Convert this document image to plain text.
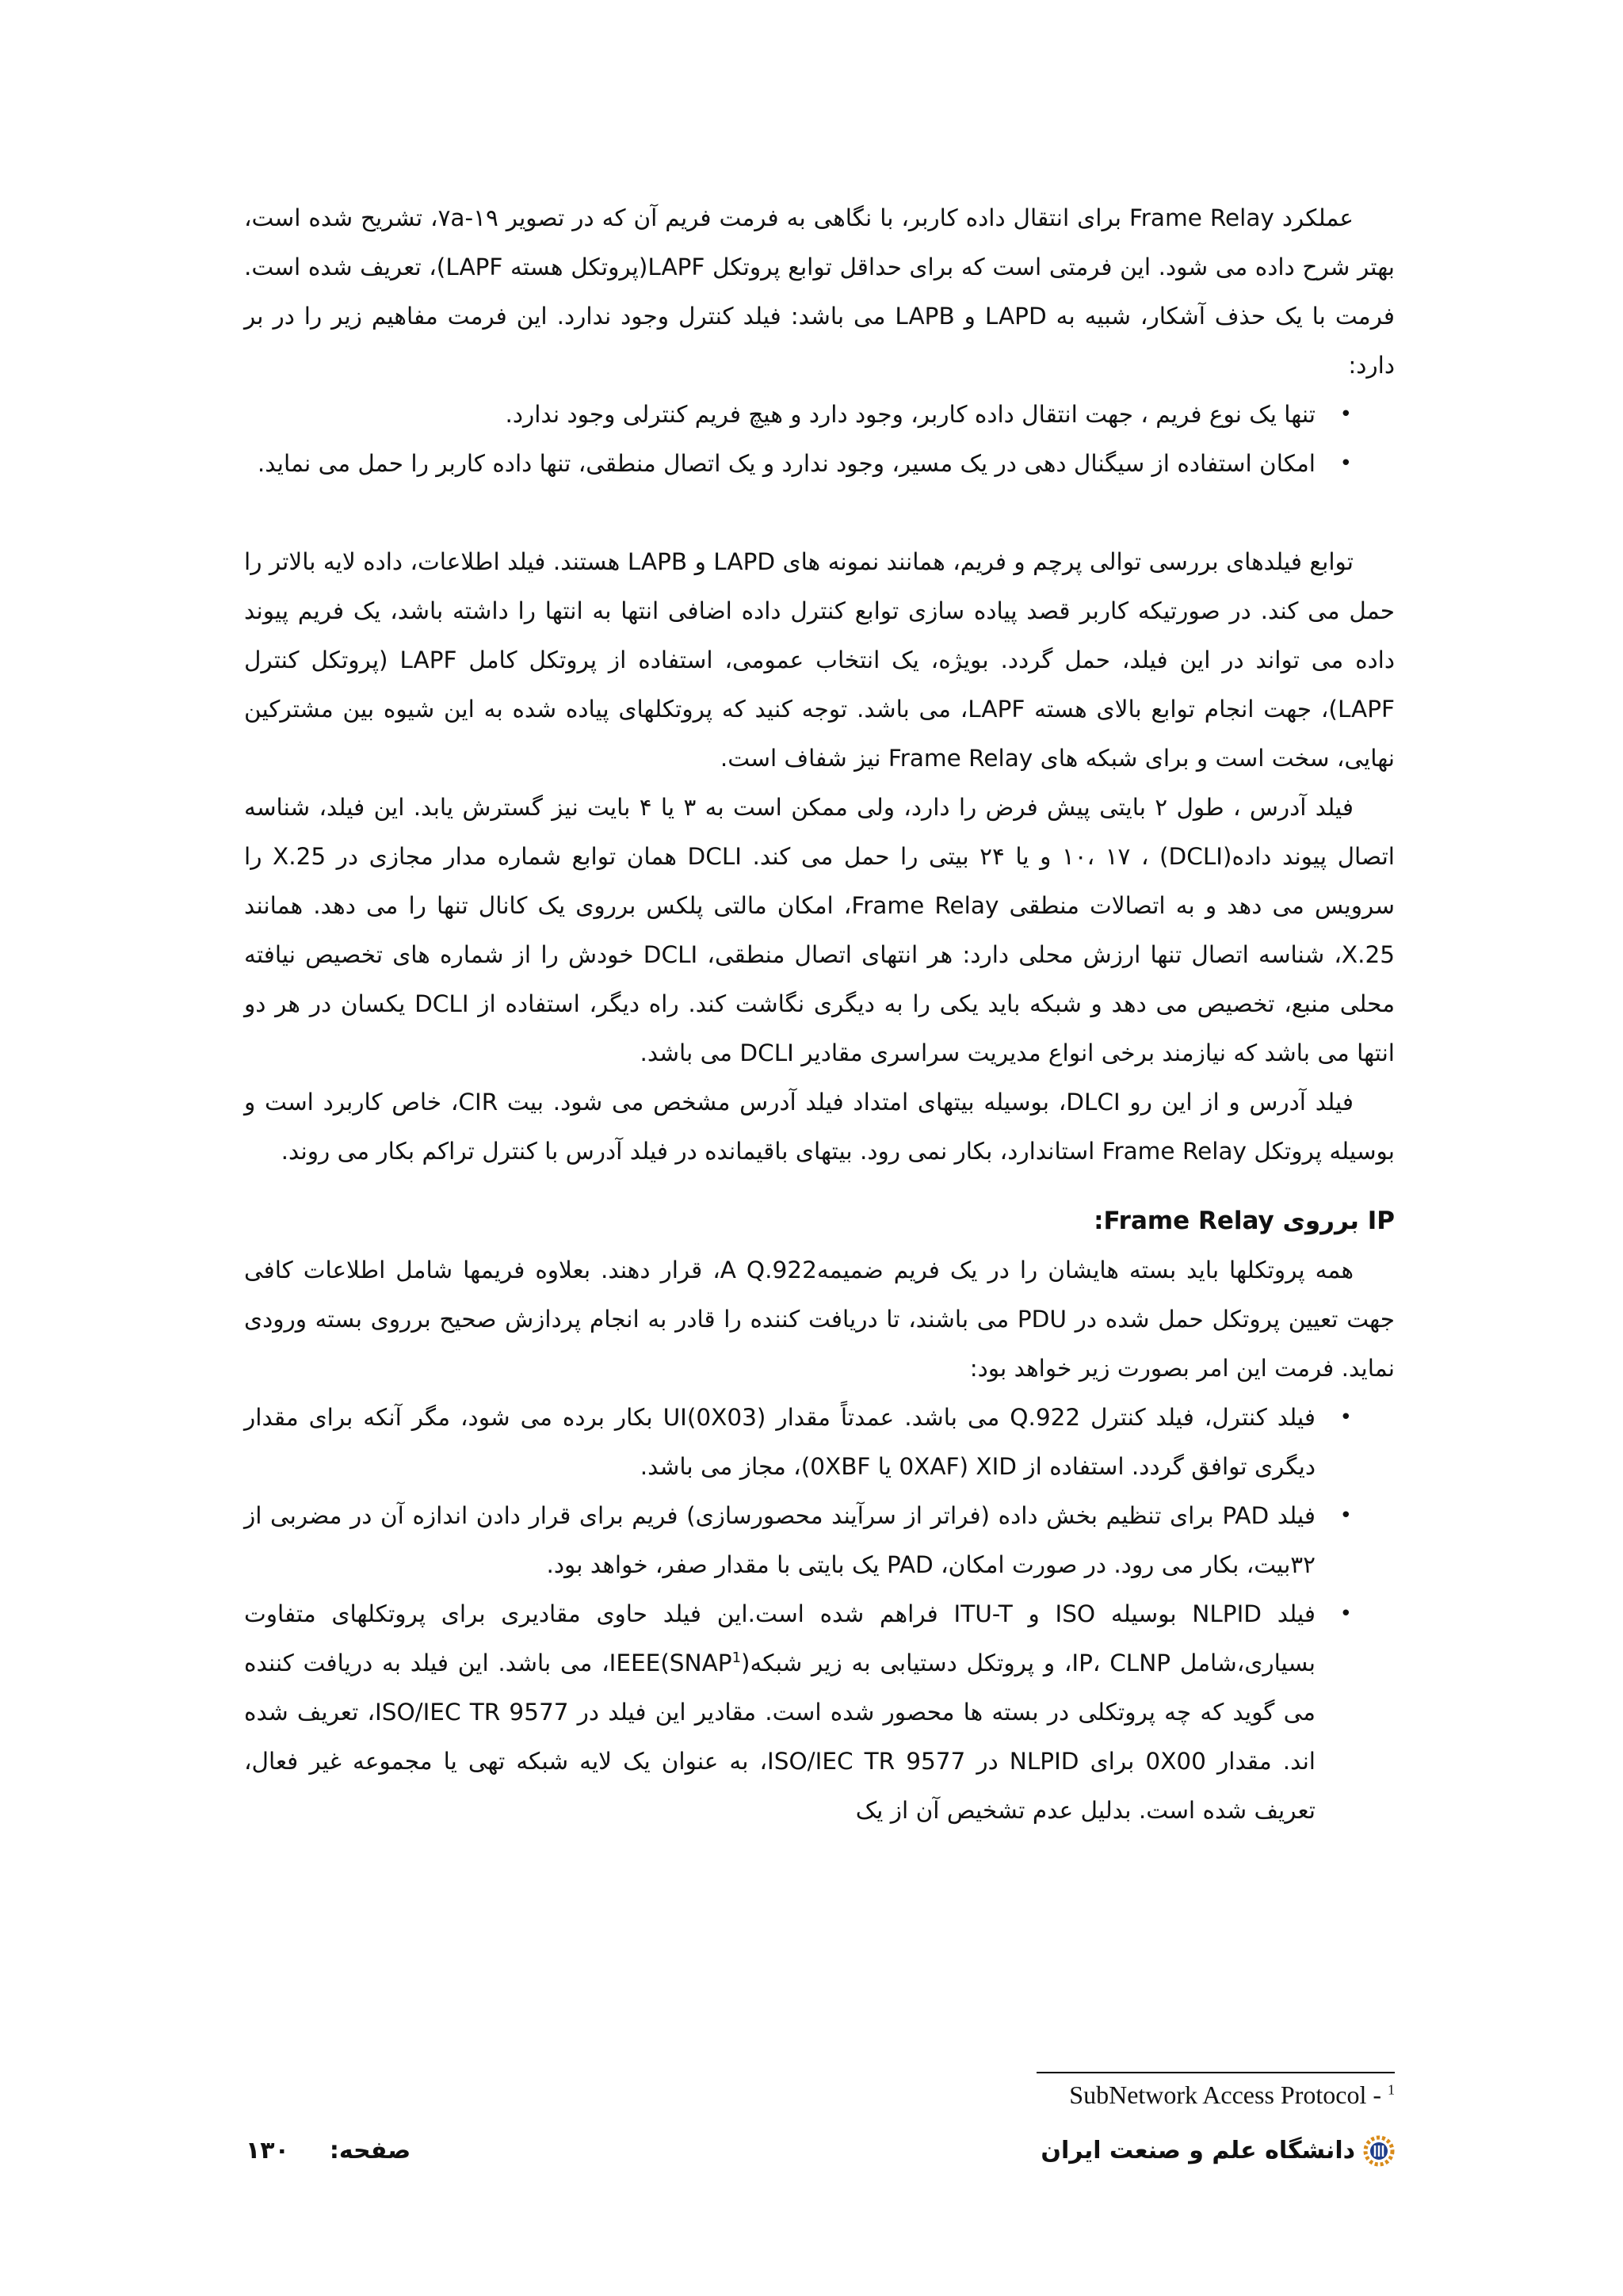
عملکرد Frame Relay برای انتقال داده کاربر، با نگاهی به فرمت فریم آن که در تصویر ۷a-۱۹، تشریح شده است، بهتر شرح داده می شود. این فرمتی است که برای حداقل توابع پروتکل LAPF(پروتکل هسته LAPF)، تعریف شده است. فرمت با یک حذف آشکار، شبیه به LAPD و LAPB می باشد: فیلد کنترل وجود ندارد. این فرمت مفاهیم زیر را در بر دارد:

• تنها یک نوع فریم ، جهت انتقال داده کاربر، وجود دارد و هیچ فریم کنترلی وجود ندارد.
• امکان استفاده از سیگنال دهی در یک مسیر، وجود ندارد و یک اتصال منطقی، تنها داده کاربر را حمل می نماید.

توابع فیلدهای بررسی توالی پرچم و فریم، همانند نمونه های LAPD و LAPB هستند. فیلد اطلاعات، داده لایه بالاتر را حمل می کند. در صورتیکه کاربر قصد پیاده سازی توابع کنترل داده اضافی انتها به انتها را داشته باشد، یک فریم پیوند داده می تواند در این فیلد، حمل گردد. بویژه، یک انتخاب عمومی، استفاده از پروتکل کامل LAPF (پروتکل کنترل LAPF)، جهت انجام توابع بالای هسته LAPF، می باشد. توجه کنید که پروتکلهای پیاده شده به این شیوه بین مشترکین نهایی، سخت است و برای شبکه های Frame Relay نیز شفاف است.

فیلد آدرس ، طول ۲ بایتی پیش فرض را دارد، ولی ممکن است به ۳ یا ۴ بایت نیز گسترش یابد. این فیلد، شناسه اتصال پیوند داده(DCLI) ، ۱۰، ۱۷ و یا ۲۴ بیتی را حمل می کند. DCLI همان توابع شماره مدار مجازی در X.25 را سرویس می دهد و به اتصالات منطقی Frame Relay، امکان مالتی پلکس برروی یک کانال تنها را می دهد. همانند X.25، شناسه اتصال تنها ارزش محلی دارد: هر انتهای اتصال منطقی، DCLI خودش را از شماره های تخصیص نیافته محلی منبع، تخصیص می دهد و شبکه باید یکی را به دیگری نگاشت کند. راه دیگر، استفاده از DCLI یکسان در هر دو انتها می باشد که نیازمند برخی انواع مدیریت سراسری مقادیر DCLI می باشد.

فیلد آدرس و از این رو DLCI، بوسیله بیتهای امتداد فیلد آدرس مشخص می شود. بیت CIR، خاص کاربرد است و بوسیله پروتکل Frame Relay استاندارد، بکار نمی رود. بیتهای باقیمانده در فیلد آدرس با کنترل تراکم بکار می روند.

IP برروی Frame Relay:

همه پروتکلها باید بسته هایشان را در یک فریم ضمیمهA Q.922، قرار دهند. بعلاوه فریمها شامل اطلاعات کافی جهت تعیین پروتکل حمل شده در PDU می باشند، تا دریافت کننده را قادر به انجام پردازش صحیح برروی بسته ورودی نماید. فرمت این امر بصورت زیر خواهد بود:

• فیلد کنترل، فیلد کنترل Q.922 می باشد. عمدتاً مقدار UI(0X03) بکار برده می شود، مگر آنکه برای مقدار دیگری توافق گردد. استفاده از XID (0XAF یا 0XBF)، مجاز می باشد.
• فیلد PAD برای تنظیم بخش داده (فراتر از سرآیند محصورسازی) فریم برای قرار دادن اندازه آن در مضربی از ۳۲بیت، بکار می رود. در صورت امکان، PAD یک بایتی با مقدار صفر، خواهد بود.
• فیلد NLPID بوسیله ISO و ITU-T فراهم شده است.این فیلد حاوی مقادیری برای پروتکلهای متفاوت بسیاری،شامل IP، CLNP، و پروتکل دستیابی به زیر شبکه(SNAP$^1$)IEEE، می باشد. این فیلد به دریافت کننده می گوید که چه پروتکلی در بسته ها محصور شده است. مقادیر این فیلد در ISO/IEC TR 9577، تعریف شده اند. مقدار 0X00 برای NLPID در ISO/IEC TR 9577، به عنوان یک لایه شبکه تهی یا مجموعه غیر فعال، تعریف شده است. بدلیل عدم تشخیص آن از یک
SubNetwork Access Protocol - $^1$
دانشگاه علم و صنعت ایران
صفحه:  ۱۳۰
